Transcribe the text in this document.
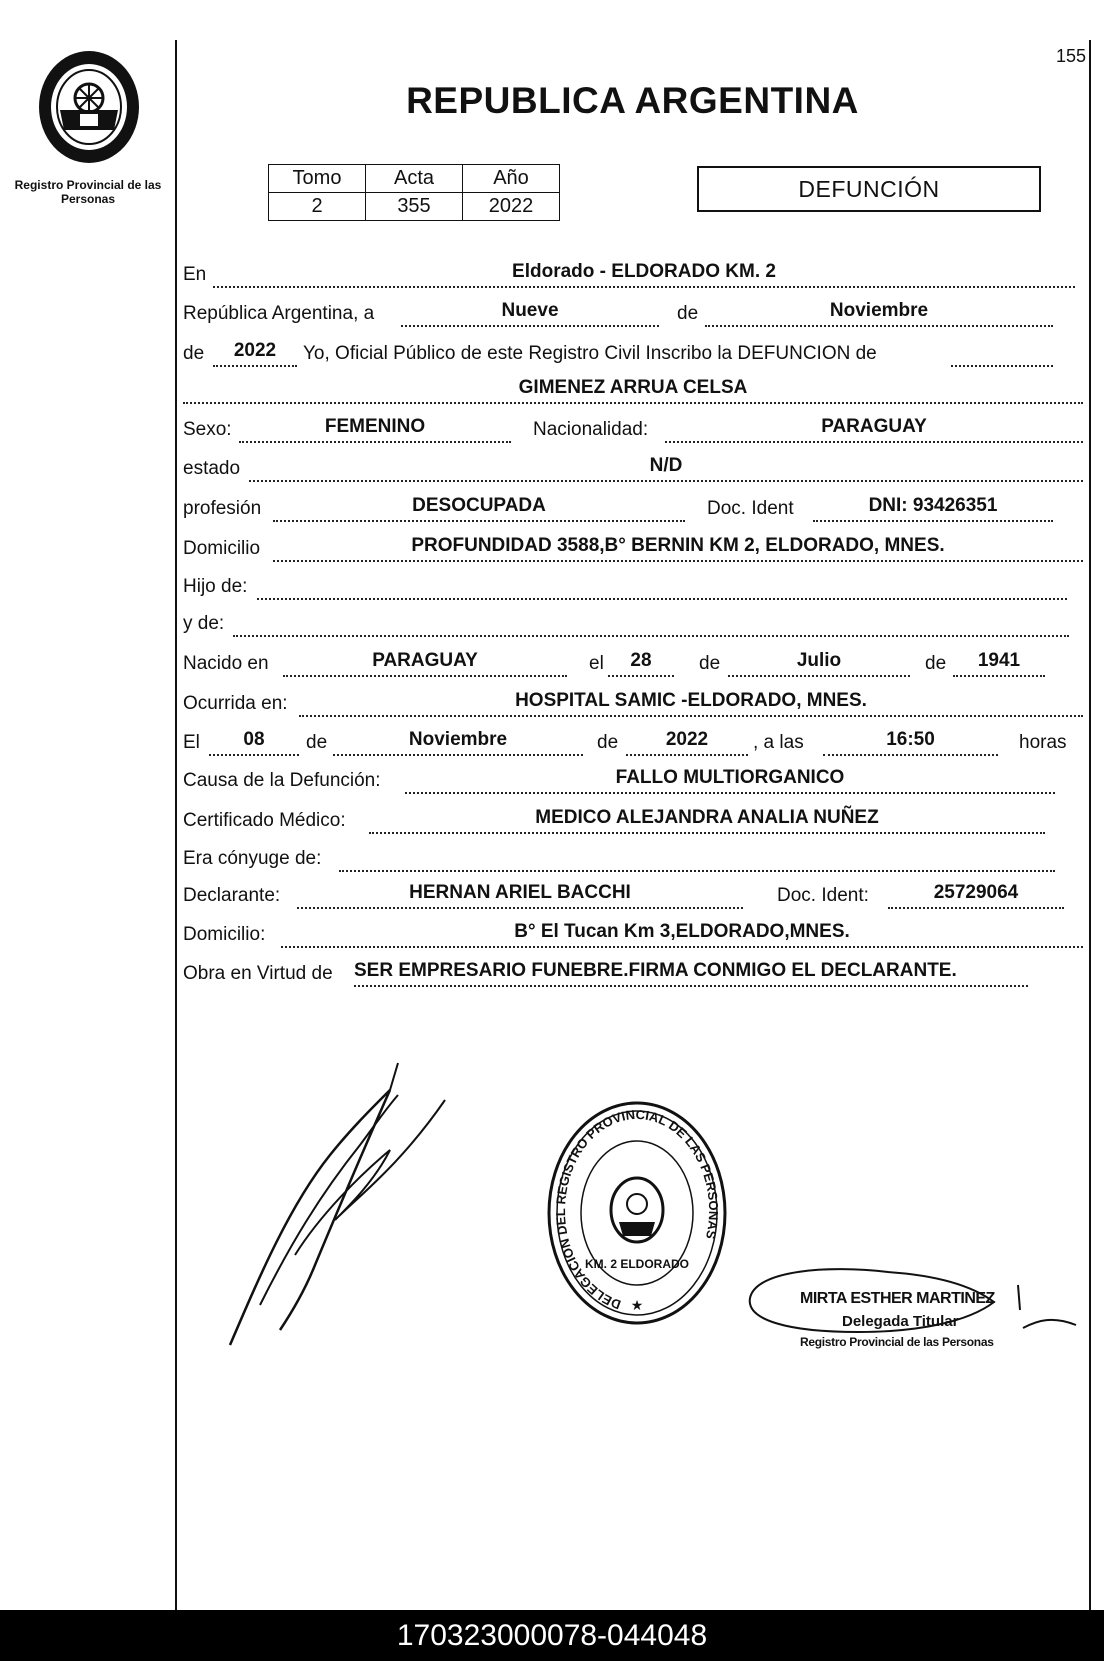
Registro Provincial de las Personas
155
REPUBLICA ARGENTINA
Tomo	Acta	Año
2	355	2022
DEFUNCIÓN
En	Eldorado - ELDORADO KM. 2
República Argentina, a	Nueve	de	Noviembre
de	2022	Yo, Oficial Público de este Registro Civil Inscribo la DEFUNCION de
GIMENEZ ARRUA CELSA
Sexo:	FEMENINO	Nacionalidad:	PARAGUAY
estado	N/D
profesión	DESOCUPADA	Doc. Ident	DNI: 93426351
Domicilio	PROFUNDIDAD 3588,B° BERNIN KM 2, ELDORADO, MNES.
Hijo de:
y de:
Nacido en	PARAGUAY	el	28	de	Julio	de	1941
Ocurrida en:	HOSPITAL SAMIC -ELDORADO, MNES.
El	08	de	Noviembre	de	2022	, a las	16:50	horas
Causa de la Defunción:	FALLO MULTIORGANICO
Certificado Médico:	MEDICO ALEJANDRA ANALIA NUÑEZ
Era cónyuge de:
Declarante:	HERNAN ARIEL BACCHI	Doc. Ident:	25729064
Domicilio:	B° El Tucan Km 3,ELDORADO,MNES.
Obra en Virtud de SER EMPRESARIO FUNEBRE.FIRMA CONMIGO EL DECLARANTE.
DELEGACION DEL REGISTRO PROVINCIAL DE LAS PERSONAS
KM. 2 ELDORADO
★	MIRTA ESTHER MARTINEZ
Delegada Titular
Registro Provincial de las Personas
170323000078-044048
